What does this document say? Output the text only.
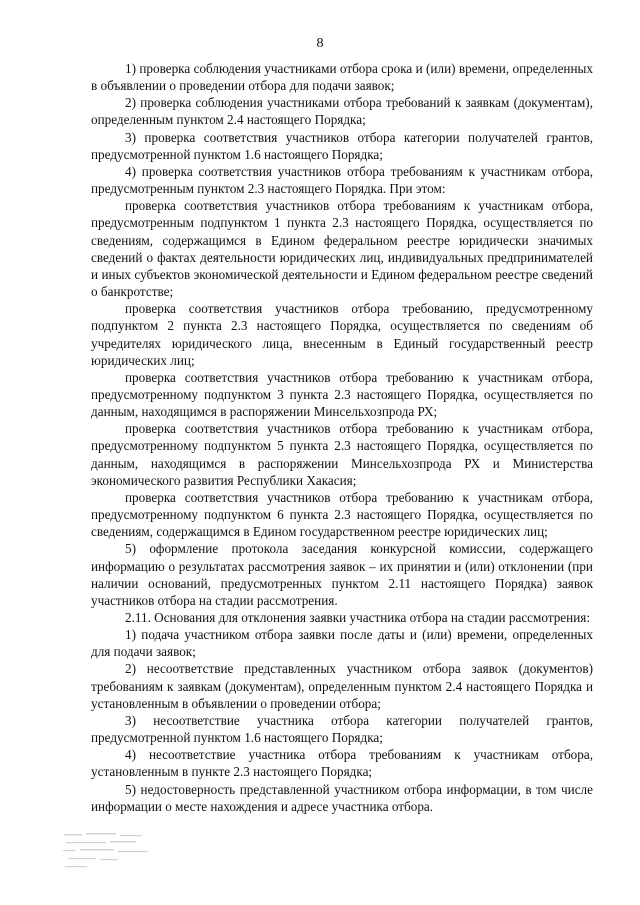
8

1) проверка соблюдения участниками отбора срока и (или) времени, определенных в объявлении о проведении отбора для подачи заявок;

2) проверка соблюдения участниками отбора требований к заявкам (документам), определенным пунктом 2.4 настоящего Порядка;

3) проверка соответствия участников отбора категории получателей грантов, предусмотренной пунктом 1.6 настоящего Порядка;

4) проверка соответствия участников отбора требованиям к участникам отбора, предусмотренным пунктом 2.3 настоящего Порядка. При этом:

проверка соответствия участников отбора требованиям к участникам отбора, предусмотренным подпунктом 1 пункта 2.3 настоящего Порядка, осуществляется по сведениям, содержащимся в Едином федеральном реестре юридически значимых сведений о фактах деятельности юридических лиц, индивидуальных предпринимателей и иных субъектов экономической деятельности и Едином федеральном реестре сведений о банкротстве;

проверка соответствия участников отбора требованию, предусмотренному подпунктом 2 пункта 2.3 настоящего Порядка, осуществляется по сведениям об учредителях юридического лица, внесенным в Единый государственный реестр юридических лиц;

проверка соответствия участников отбора требованию к участникам отбора, предусмотренному подпунктом 3 пункта 2.3 настоящего Порядка, осуществляется по данным, находящимся в распоряжении Минсельхозпрода РХ;

проверка соответствия участников отбора требованию к участникам отбора, предусмотренному подпунктом 5 пункта 2.3 настоящего Порядка, осуществляется по данным, находящимся в распоряжении Минсельхозпрода РХ и Министерства экономического развития Республики Хакасия;

проверка соответствия участников отбора требованию к участникам отбора, предусмотренному подпунктом 6 пункта 2.3 настоящего Порядка, осуществляется по сведениям, содержащимся в Едином государственном реестре юридических лиц;

5) оформление протокола заседания конкурсной комиссии, содержащего информацию о результатах рассмотрения заявок – их принятии и (или) отклонении (при наличии оснований, предусмотренных пунктом 2.11 настоящего Порядка) заявок участников отбора на стадии рассмотрения.

2.11. Основания для отклонения заявки участника отбора на стадии рассмотрения:

1) подача участником отбора заявки после даты и (или) времени, определенных для подачи заявок;

2) несоответствие представленных участником отбора заявок (документов) требованиям к заявкам (документам), определенным пунктом 2.4 настоящего Порядка и установленным в объявлении о проведении отбора;

3) несоответствие участника отбора категории получателей грантов, предусмотренной пунктом 1.6 настоящего Порядка;

4) несоответствие участника отбора требованиям к участникам отбора, установленным в пункте 2.3 настоящего Порядка;

5) недостоверность представленной участником отбора информации, в том числе информации о месте нахождения и адресе участника отбора.
